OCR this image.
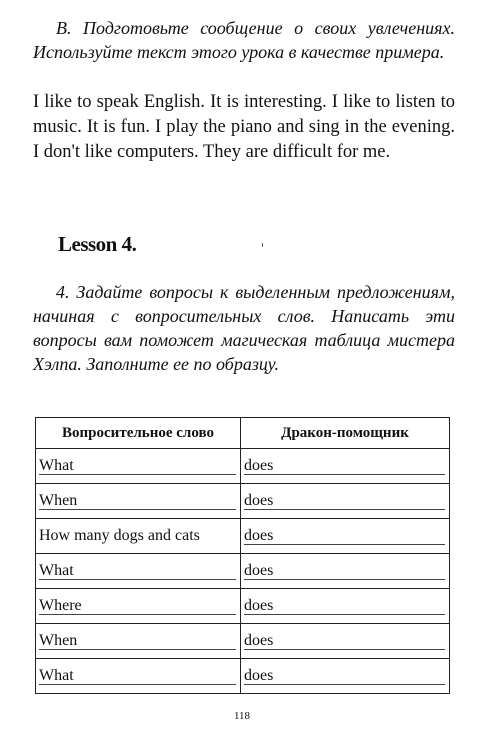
B. Подготовьте сообщение о своих увлечениях. Используйте текст этого урока в качестве примера.

I like to speak English. It is interesting. I like to listen to music. It is fun. I play the piano and sing in the evening. I don't like computers. They are difficult for me.

Lesson 4.

4. Задайте вопросы к выделенным предложениям, начиная с вопросительных слов. Написать эти вопросы вам поможет магическая таблица мистера Хэлпа. Заполните ее по образцу.

Вопросительное слово	Дракон-помощник
What	does

When	does

How many dogs and cats	does

What	does

Where	does

When	does

What	does
118
